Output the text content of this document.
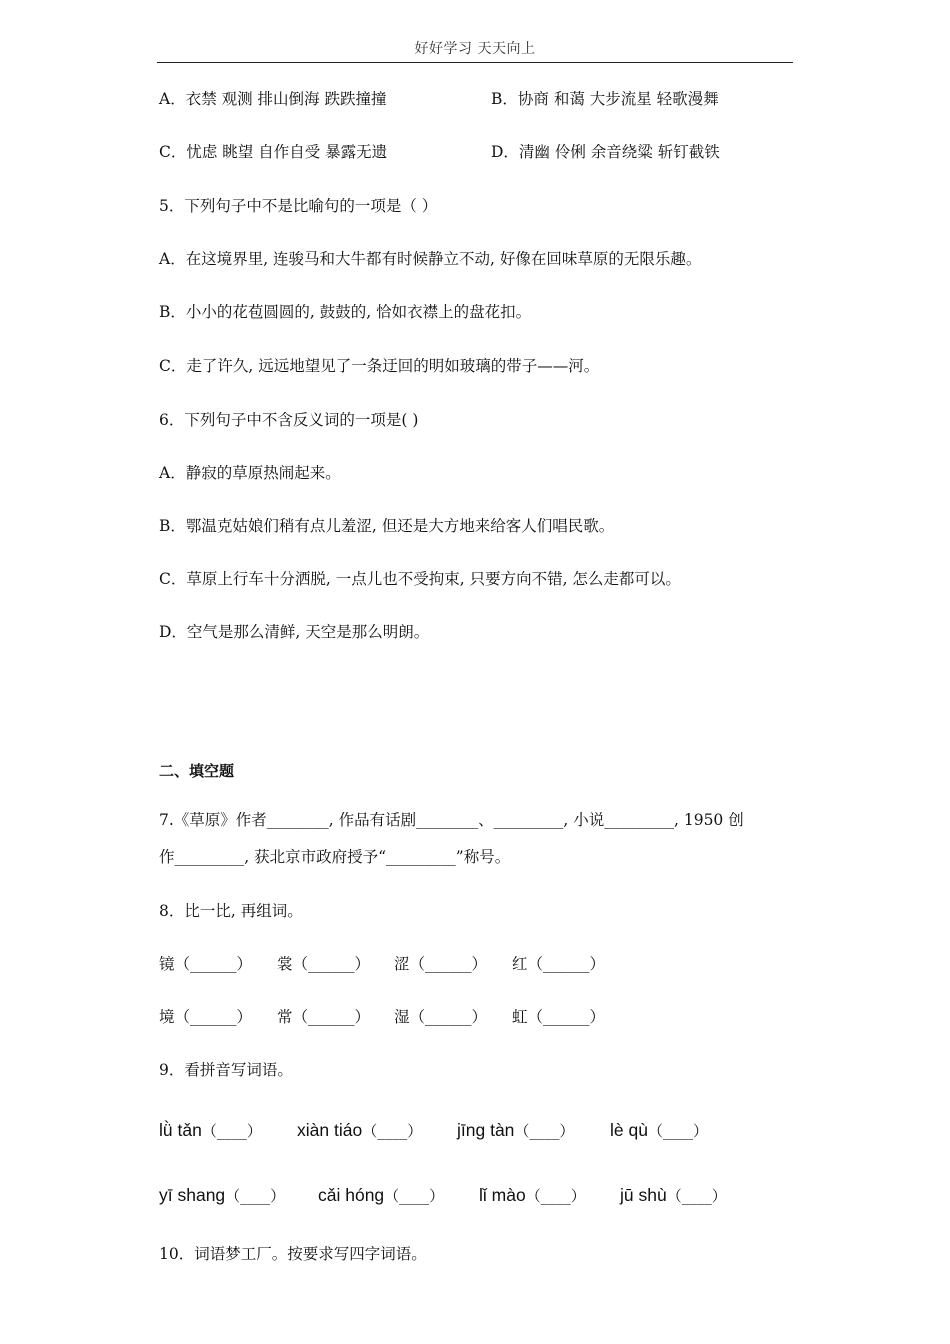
好好学习 天天向上
A．衣禁 观测 排山倒海 跌跌撞撞	B．协商 和蔼 大步流星 轻歌漫舞
C．忧虑 眺望 自作自受 暴露无遗	D．清幽 伶俐 余音绕粱 斩钉截铁
5．下列句子中不是比喻句的一项是（ ）
A．在这境界里, 连骏马和大牛都有时候静立不动, 好像在回味草原的无限乐趣。
B．小小的花苞圆圆的, 鼓鼓的, 恰如衣襟上的盘花扣。
C．走了许久, 远远地望见了一条迂回的明如玻璃的带子——河。
6．下列句子中不含反义词的一项是( )
A．静寂的草原热闹起来。
B．鄂温克姑娘们稍有点儿羞涩, 但还是大方地来给客人们唱民歌。
C．草原上行车十分洒脱, 一点儿也不受拘束, 只要方向不错, 怎么走都可以。
D．空气是那么清鲜, 天空是那么明朗。
二、填空题
7.《草原》作者________, 作品有话剧________、_________, 小说_________, 1950 创
作_________, 获北京市政府授予“_________”称号。
8．比一比, 再组词。
镜（______） 裳（______） 涩（______） 红（______）
境（______） 常（______） 湿（______） 虹（______）
9．看拼音写词语。
lǜ tǎn（____） xiàn tiáo（____） jīng tàn（____） lè qù（____）
yī shang（____） cǎi hóng（____） lǐ mào（____） jū shù（____）
10．词语梦工厂。按要求写四字词语。
